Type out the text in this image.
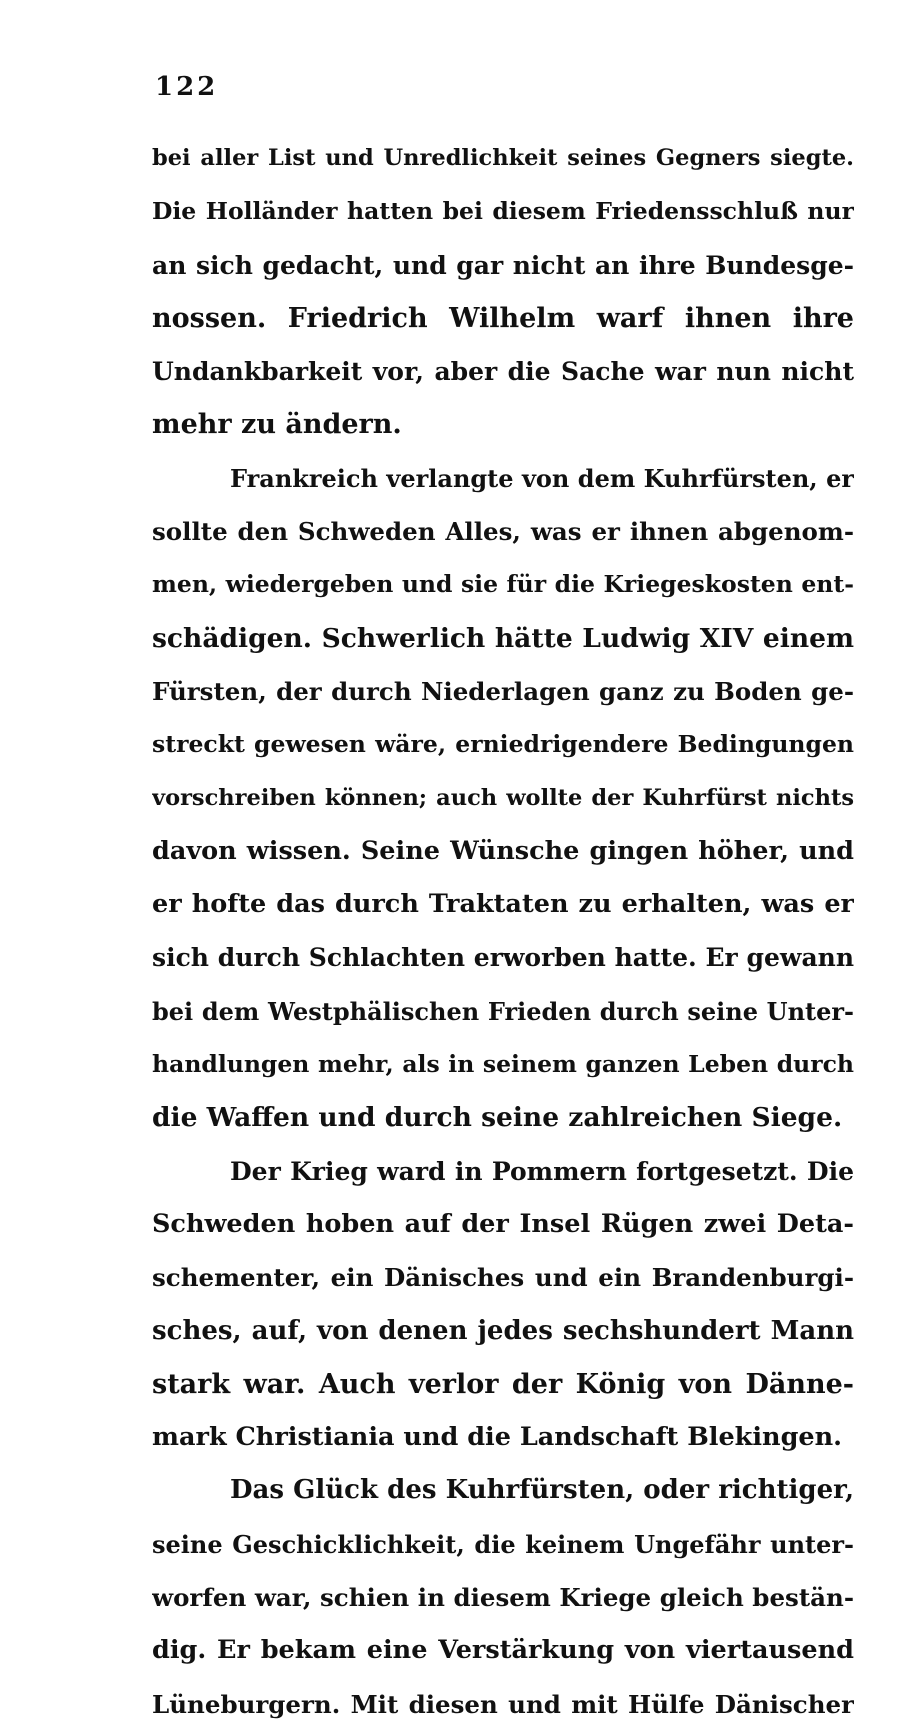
122
bei aller List und Unredlichkeit seines Gegners siegte.
Die Holländer hatten bei diesem Friedensschluß nur
an sich gedacht, und gar nicht an ihre Bundesge-
nossen. Friedrich Wilhelm warf ihnen ihre
Undankbarkeit vor, aber die Sache war nun nicht
mehr zu ändern.
Frankreich verlangte von dem Kuhrfürsten, er
sollte den Schweden Alles, was er ihnen abgenom-
men, wiedergeben und sie für die Kriegeskosten ent-
schädigen. Schwerlich hätte Ludwig XIV einem
Fürsten, der durch Niederlagen ganz zu Boden ge-
streckt gewesen wäre, erniedrigendere Bedingungen
vorschreiben können; auch wollte der Kuhrfürst nichts
davon wissen. Seine Wünsche gingen höher, und
er hofte das durch Traktaten zu erhalten, was er
sich durch Schlachten erworben hatte. Er gewann
bei dem Westphälischen Frieden durch seine Unter-
handlungen mehr, als in seinem ganzen Leben durch
die Waffen und durch seine zahlreichen Siege.
Der Krieg ward in Pommern fortgesetzt. Die
Schweden hoben auf der Insel Rügen zwei Deta-
schementer, ein Dänisches und ein Brandenburgi-
sches, auf, von denen jedes sechshundert Mann
stark war. Auch verlor der König von Dänne-
mark Christiania und die Landschaft Blekingen.
Das Glück des Kuhrfürsten, oder richtiger,
seine Geschicklichkeit, die keinem Ungefähr unter-
worfen war, schien in diesem Kriege gleich bestän-
dig. Er bekam eine Verstärkung von viertausend
Lüneburgern. Mit diesen und mit Hülfe Dänischer
